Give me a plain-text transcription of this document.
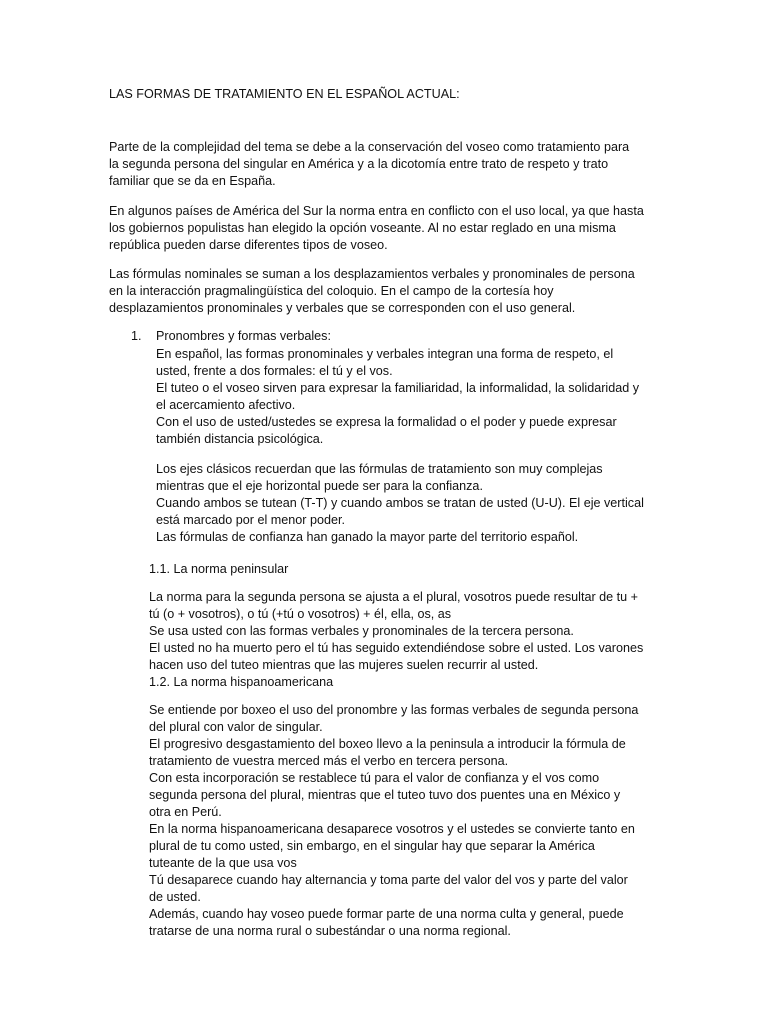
LAS FORMAS DE TRATAMIENTO EN EL ESPAÑOL ACTUAL:
Parte de la complejidad del tema se debe a la conservación del voseo como tratamiento para
la segunda persona del singular en América y a la dicotomía entre trato de respeto y trato
familiar que se da en España.
En algunos países de América del Sur la norma entra en conflicto con el uso local, ya que hasta
los gobiernos populistas han elegido la opción voseante. Al no estar reglado en una misma
república pueden darse diferentes tipos de voseo.
Las fórmulas nominales se suman a los desplazamientos verbales y pronominales de persona
en la interacción pragmalingüística del coloquio. En el campo de la cortesía hoy
desplazamientos pronominales y verbales que se corresponden con el uso general.
1. Pronombres y formas verbales:
En español, las formas pronominales y verbales integran una forma de respeto, el
usted, frente a dos formales: el tú y el vos.
El tuteo o el voseo sirven para expresar la familiaridad, la informalidad, la solidaridad y
el acercamiento afectivo.
Con el uso de usted/ustedes se expresa la formalidad o el poder y puede expresar
también distancia psicológica.
Los ejes clásicos recuerdan que las fórmulas de tratamiento son muy complejas
mientras que el eje horizontal puede ser para la confianza.
Cuando ambos se tutean (T-T) y cuando ambos se tratan de usted (U-U). El eje vertical
está marcado por el menor poder.
Las fórmulas de confianza han ganado la mayor parte del territorio español.
1.1. La norma peninsular
La norma para la segunda persona se ajusta a el plural, vosotros puede resultar de tu +
tú (o + vosotros), o tú (+tú o vosotros) + él, ella, os, as
Se usa usted con las formas verbales y pronominales de la tercera persona.
El usted no ha muerto pero el tú has seguido extendiéndose sobre el usted. Los varones
hacen uso del tuteo mientras que las mujeres suelen recurrir al usted.
1.2. La norma hispanoamericana
Se entiende por boxeo el uso del pronombre y las formas verbales de segunda persona
del plural con valor de singular.
El progresivo desgastamiento del boxeo llevo a la peninsula a introducir la fórmula de
tratamiento de vuestra merced más el verbo en tercera persona.
Con esta incorporación se restablece tú para el valor de confianza y el vos como
segunda persona del plural, mientras que el tuteo tuvo dos puentes una en México y
otra en Perú.
En la norma hispanoamericana desaparece vosotros y el ustedes se convierte tanto en
plural de tu como usted, sin embargo, en el singular hay que separar la América
tuteante de la que usa vos
Tú desaparece cuando hay alternancia y toma parte del valor del vos y parte del valor
de usted.
Además, cuando hay voseo puede formar parte de una norma culta y general, puede
tratarse de una norma rural o subestándar o una norma regional.
